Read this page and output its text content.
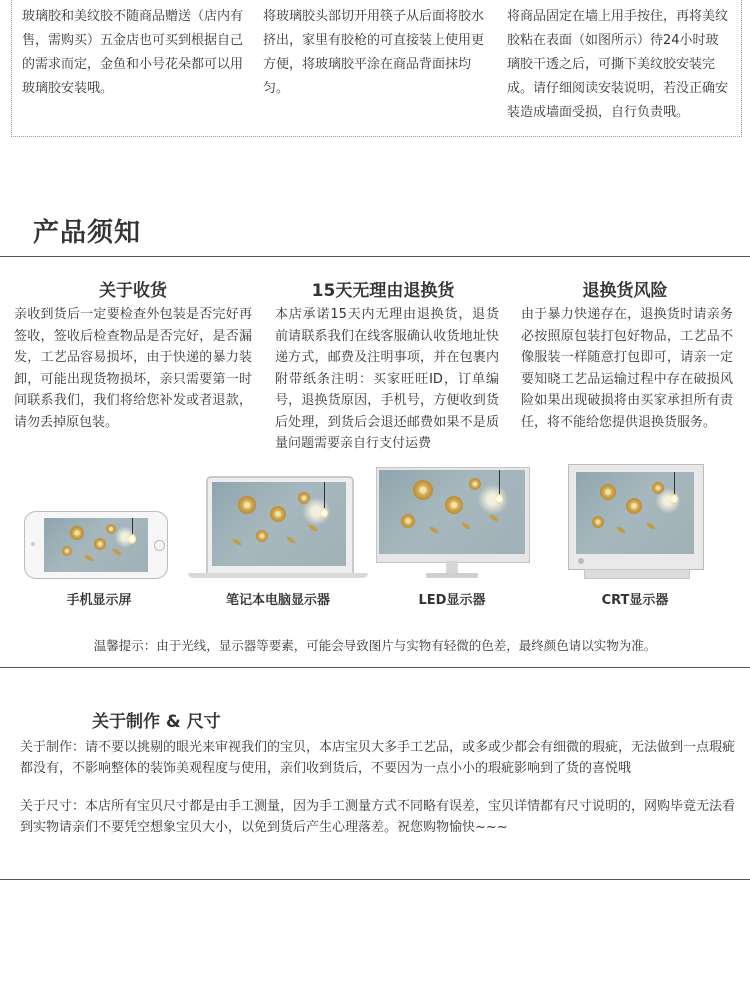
玻璃胶和美纹胶不随商品赠送（店内有售，需购买）五金店也可买到根据自己的需求而定，金鱼和小号花朵都可以用玻璃胶安装哦。
将玻璃胶头部切开用筷子从后面将胶水挤出，家里有胶枪的可直接装上使用更方便，将玻璃胶平涂在商品背面抹均匀。
将商品固定在墙上用手按住，再将美纹胶粘在表面（如图所示）待24小时玻璃胶干透之后，可撕下美纹胶安装完成。请仔细阅读安装说明，若没正确安装造成墙面受损，自行负责哦。
产品须知
关于收货
亲收到货后一定要检查外包装是否完好再签收，签收后检查物品是否完好，是否漏发，工艺品容易损坏，由于快递的暴力装卸，可能出现货物损坏，亲只需要第一时间联系我们，我们将给您补发或者退款，请勿丢掉原包装。
15天无理由退换货
本店承诺15天内无理由退换货，退货前请联系我们在线客服确认收货地址快递方式，邮费及注明事项，并在包裹内附带纸条注明：买家旺旺ID，订单编号，退换货原因，手机号，方便收到货后处理，到货后会退还邮费如果不是质量问题需要亲自行支付运费
退换货风险
由于暴力快递存在，退换货时请亲务必按照原包装打包好物品，工艺品不像服装一样随意打包即可，请亲一定要知晓工艺品运输过程中存在破损风险如果出现破损将由买家承担所有责任，将不能给您提供退换货服务。
手机显示屏	笔记本电脑显示器	LED显示器	CRT显示器
温馨提示：由于光线，显示器等要素，可能会导致图片与实物有轻微的色差，最终颜色请以实物为准。
关于制作 & 尺寸
关于制作：请不要以挑剔的眼光来审视我们的宝贝，本店宝贝大多手工艺品，或多或少都会有细微的瑕疵，无法做到一点瑕疵都没有，不影响整体的装饰美观程度与使用，亲们收到货后，不要因为一点小小的瑕疵影响到了货的喜悦哦
关于尺寸：本店所有宝贝尺寸都是由手工测量，因为手工测量方式不同略有误差，宝贝详情都有尺寸说明的，网购毕竟无法看到实物请亲们不要凭空想象宝贝大小，以免到货后产生心理落差。祝您购物愉快~~~
